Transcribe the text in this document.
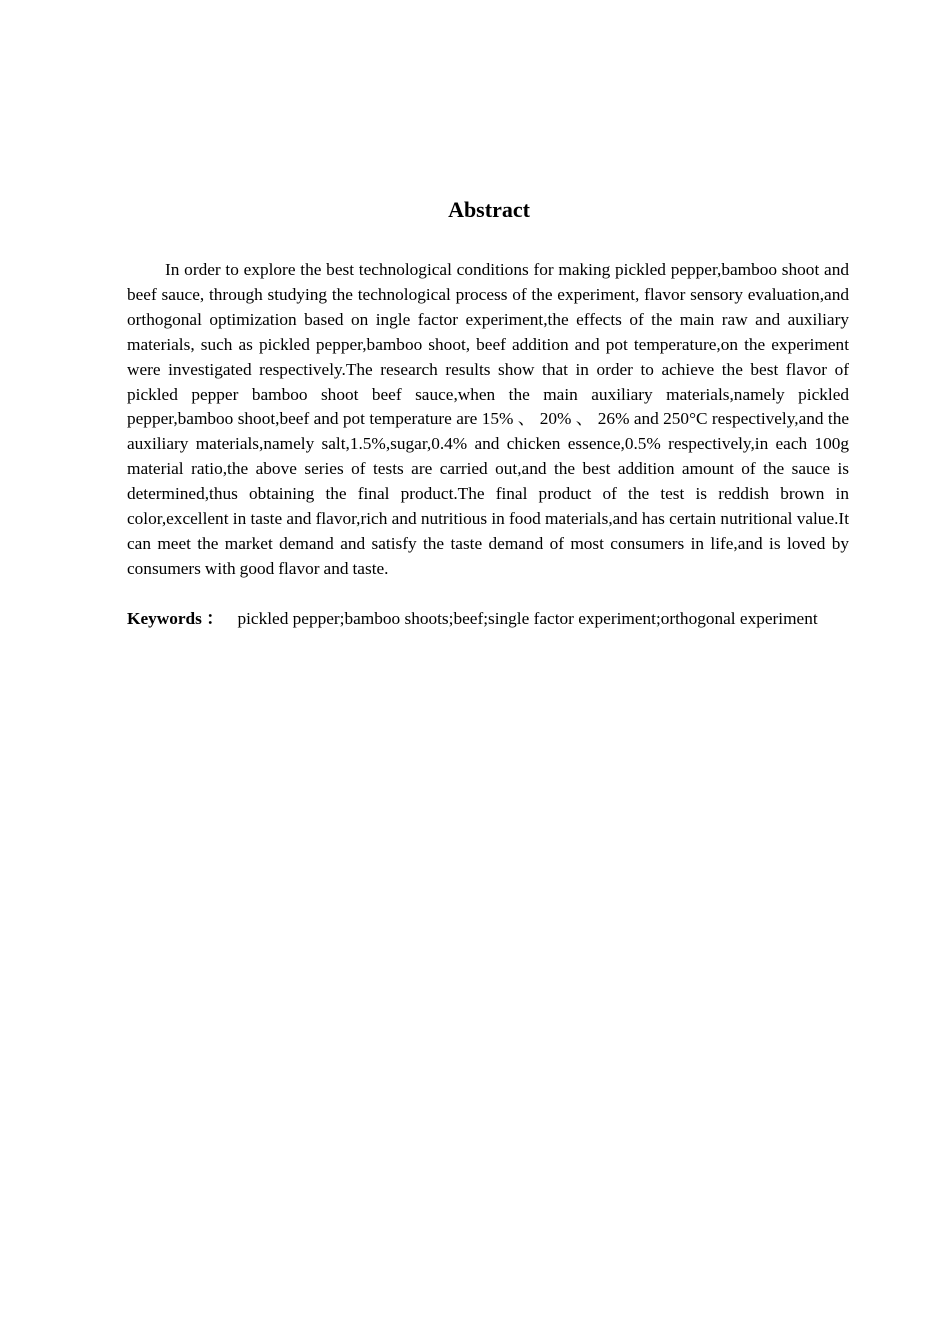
Abstract

In order to explore the best technological conditions for making pickled pepper,bamboo shoot and beef sauce, through studying the technological process of the experiment, flavor sensory evaluation,and orthogonal optimization based on ingle factor experiment,the effects of the main raw and auxiliary materials, such as pickled pepper,bamboo shoot, beef addition and pot temperature,on the experiment were investigated respectively.The research results show that in order to achieve the best flavor of pickled pepper bamboo shoot beef sauce,when the main auxiliary materials,namely pickled pepper,bamboo shoot,beef and pot temperature are 15% 、 20% 、 26% and 250°C respectively,and the auxiliary materials,namely salt,1.5%,sugar,0.4% and chicken essence,0.5% respectively,in each 100g material ratio,the above series of tests are carried out,and the best addition amount of the sauce is determined,thus obtaining the final product.The final product of the test is reddish brown in color,excellent in taste and flavor,rich and nutritious in food materials,and has certain nutritional value.It can meet the market demand and satisfy the taste demand of most consumers in life,and is loved by consumers with good flavor and taste.

Keywords ： pickled pepper;bamboo shoots;beef;single factor experiment;orthogonal experiment
